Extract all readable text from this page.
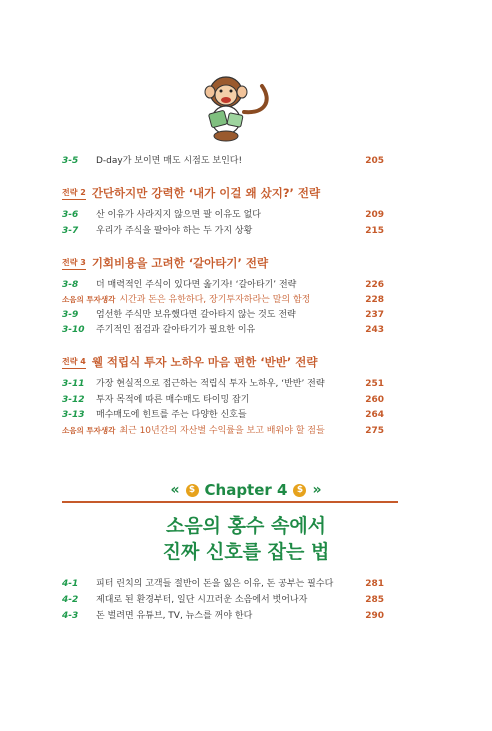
3-5	D-day가 보이면 매도 시점도 보인다!	205
전략 2 간단하지만 강력한 ‘내가 이걸 왜 샀지?’ 전략
3-6	산 이유가 사라지지 않으면 팔 이유도 없다	209
3-7	우리가 주식을 팔아야 하는 두 가지 상황	215
전략 3 기회비용을 고려한 ‘갈아타기’ 전략
3-8	더 매력적인 주식이 있다면 옮기자! ‘갈아타기’ 전략	226
소음의 투자생각 시간과 돈은 유한하다, 장기투자하라는 말의 함정	228
3-9	엄선한 주식만 보유했다면 갈아타지 않는 것도 전략	237
3-10	주기적인 점검과 갈아타기가 필요한 이유	243
전략 4 웰 적립식 투자 노하우 마음 편한 ‘반반’ 전략
3-11	가장 현실적으로 접근하는 적립식 투자 노하우, ‘반반’ 전략	251
3-12	투자 목적에 따른 매수매도 타이밍 잡기	260
3-13	매수매도에 힌트를 주는 다양한 신호들	264
소음의 투자생각 최근 10년간의 자산별 수익률을 보고 배워야 할 점들	275
«	$ Chapter 4	$ »
소음의 홍수 속에서
진짜 신호를 잡는 법
4-1	피터 린치의 고객들 절반이 돈을 잃은 이유, 돈 공부는 필수다	281
4-2	제대로 된 환경부터, 일단 시끄러운 소음에서 벗어나자	285
4-3	돈 벌려면 유튜브, TV, 뉴스를 꺼야 한다	290
